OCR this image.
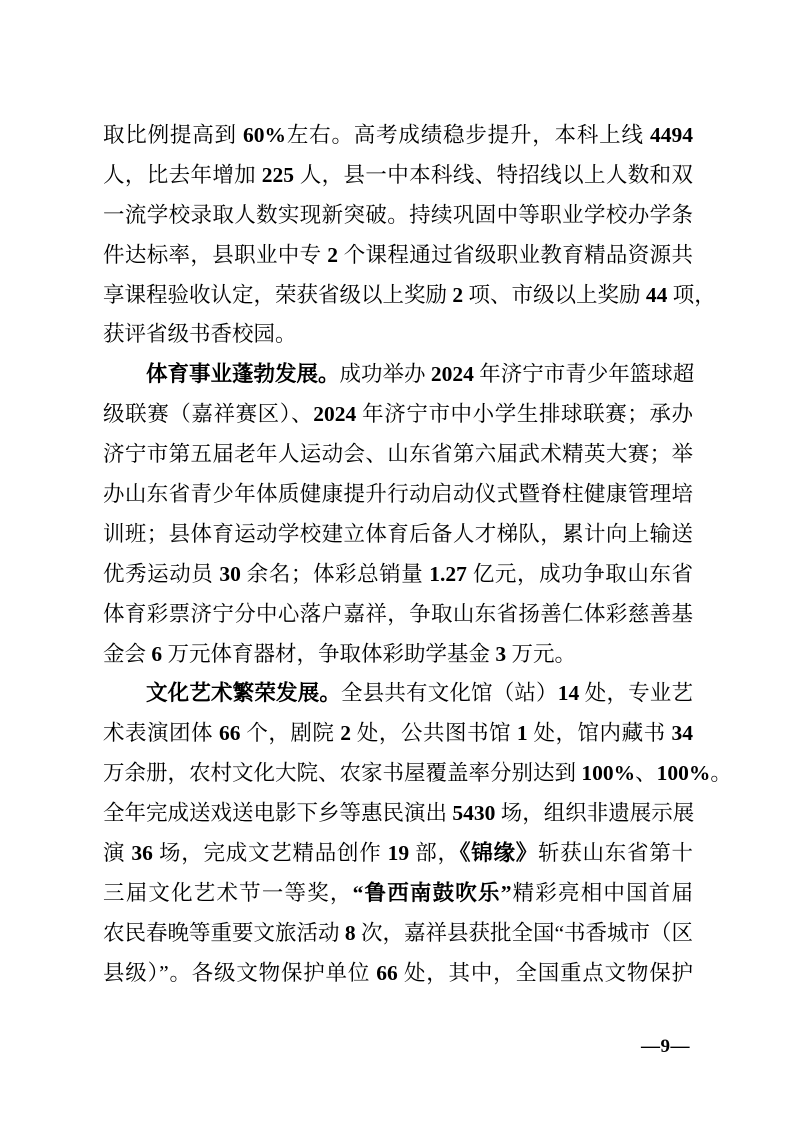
取比例提高到 60%左右。高考成绩稳步提升，本科上线 4494
人，比去年增加 225 人，县一中本科线、特招线以上人数和双
一流学校录取人数实现新突破。持续巩固中等职业学校办学条
件达标率，县职业中专 2 个课程通过省级职业教育精品资源共
享课程验收认定，荣获省级以上奖励 2 项、市级以上奖励 44 项，
获评省级书香校园。
体育事业蓬勃发展。成功举办 2024 年济宁市青少年篮球超
级联赛（嘉祥赛区）、2024 年济宁市中小学生排球联赛；承办
济宁市第五届老年人运动会、山东省第六届武术精英大赛；举
办山东省青少年体质健康提升行动启动仪式暨脊柱健康管理培
训班；县体育运动学校建立体育后备人才梯队，累计向上输送
优秀运动员 30 余名；体彩总销量 1.27 亿元，成功争取山东省
体育彩票济宁分中心落户嘉祥，争取山东省扬善仁体彩慈善基
金会 6 万元体育器材，争取体彩助学基金 3 万元。
文化艺术繁荣发展。全县共有文化馆（站）14 处，专业艺
术表演团体 66 个，剧院 2 处，公共图书馆 1 处，馆内藏书 34
万余册，农村文化大院、农家书屋覆盖率分别达到 100%、100%。
全年完成送戏送电影下乡等惠民演出 5430 场，组织非遗展示展
演 36 场，完成文艺精品创作 19 部，《锦缘》斩获山东省第十
三届文化艺术节一等奖，“鲁西南鼓吹乐”精彩亮相中国首届
农民春晚等重要文旅活动 8 次，嘉祥县获批全国“书香城市（区
县级）”。各级文物保护单位 66 处，其中，全国重点文物保护
—9—
